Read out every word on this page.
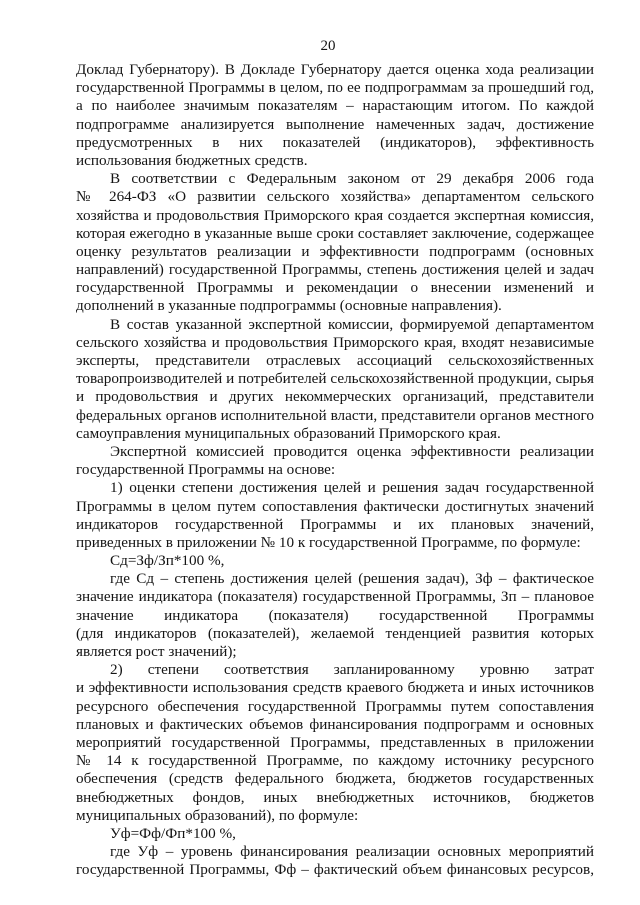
20
Доклад Губернатору). В Докладе Губернатору дается оценка хода реализации
государственной Программы в целом, по ее подпрограммам за прошедший год,
а по наиболее значимым показателям – нарастающим итогом. По каждой
подпрограмме анализируется выполнение намеченных задач, достижение
предусмотренных в них показателей (индикаторов), эффективность
использования бюджетных средств.
В соответствии с Федеральным законом от 29 декабря 2006 года
№ 264-ФЗ «О развитии сельского хозяйства» департаментом сельского
хозяйства и продовольствия Приморского края создается экспертная комиссия,
которая ежегодно в указанные выше сроки составляет заключение, содержащее
оценку результатов реализации и эффективности подпрограмм (основных
направлений) государственной Программы, степень достижения целей и задач
государственной Программы и рекомендации о внесении изменений и
дополнений в указанные подпрограммы (основные направления).
В состав указанной экспертной комиссии, формируемой департаментом
сельского хозяйства и продовольствия Приморского края, входят независимые
эксперты, представители отраслевых ассоциаций сельскохозяйственных
товаропроизводителей и потребителей сельскохозяйственной продукции, сырья
и продовольствия и других некоммерческих организаций, представители
федеральных органов исполнительной власти, представители органов местного
самоуправления муниципальных образований Приморского края.
Экспертной комиссией проводится оценка эффективности реализации
государственной Программы на основе:
1) оценки степени достижения целей и решения задач государственной
Программы в целом путем сопоставления фактически достигнутых значений
индикаторов государственной Программы и их плановых значений,
приведенных в приложении № 10 к государственной Программе, по формуле:
Сд=Зф/Зп*100 %,
где Сд – степень достижения целей (решения задач), Зф – фактическое
значение индикатора (показателя) государственной Программы, Зп – плановое
значение индикатора (показателя) государственной Программы
(для индикаторов (показателей), желаемой тенденцией развития которых
является рост значений);
2) степени соответствия запланированному уровню затрат
и эффективности использования средств краевого бюджета и иных источников
ресурсного обеспечения государственной Программы путем сопоставления
плановых и фактических объемов финансирования подпрограмм и основных
мероприятий государственной Программы, представленных в приложении
№ 14 к государственной Программе, по каждому источнику ресурсного
обеспечения (средств федерального бюджета, бюджетов государственных
внебюджетных фондов, иных внебюджетных источников, бюджетов
муниципальных образований), по формуле:
Уф=Фф/Фп*100 %,
где Уф – уровень финансирования реализации основных мероприятий
государственной Программы, Фф – фактический объем финансовых ресурсов,
